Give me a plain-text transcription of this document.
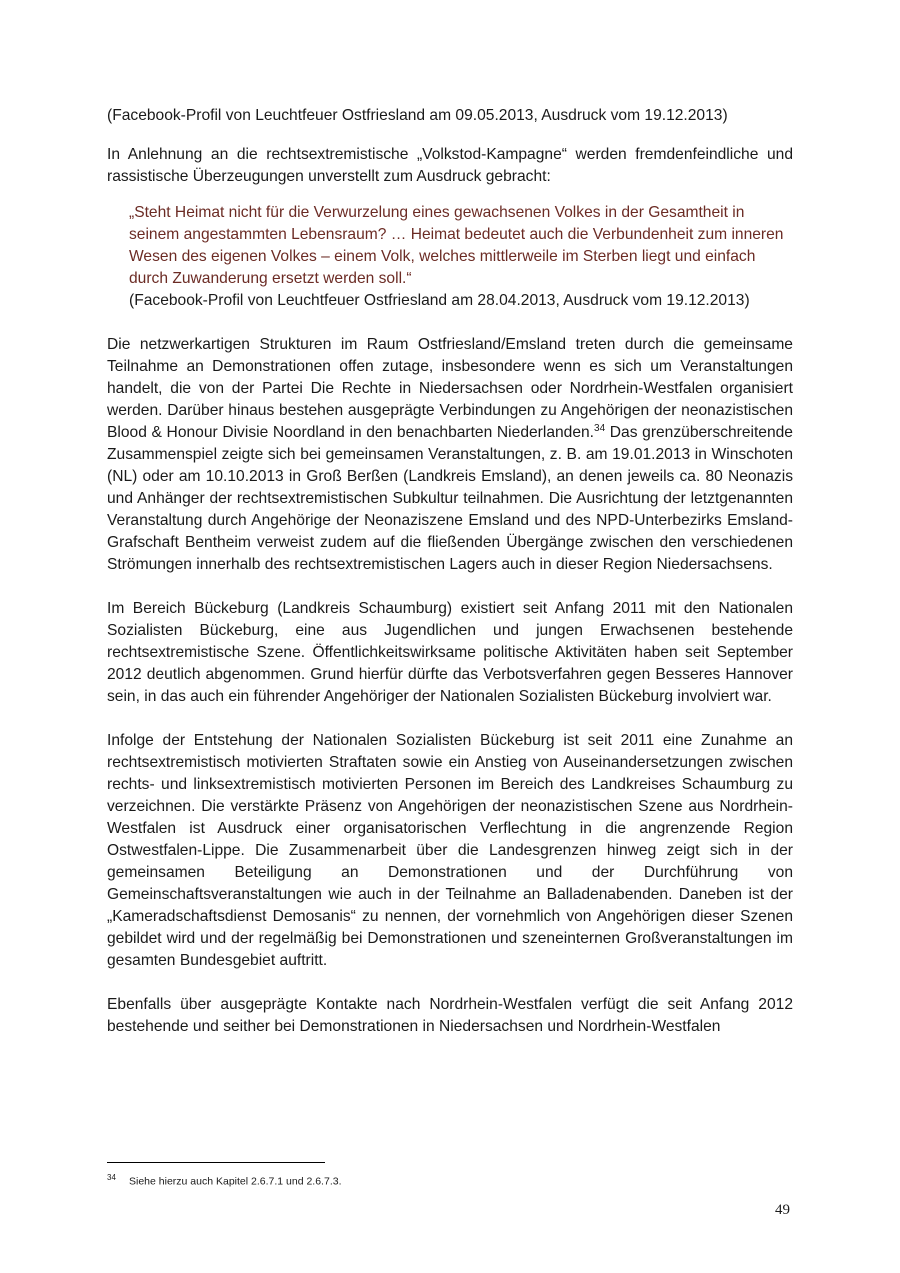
(Facebook-Profil von Leuchtfeuer Ostfriesland am 09.05.2013, Ausdruck vom 19.12.2013)

In Anlehnung an die rechtsextremistische „Volkstod-Kampagne“ werden fremdenfeindliche und rassistische Überzeugungen unverstellt zum Ausdruck gebracht:

„Steht Heimat nicht für die Verwurzelung eines gewachsenen Volkes in der Gesamtheit in seinem angestammten Lebensraum? … Heimat bedeutet auch die Verbundenheit zum inneren Wesen des eigenen Volkes – einem Volk, welches mittlerweile im Sterben liegt und einfach durch Zuwanderung ersetzt werden soll.“

(Facebook-Profil von Leuchtfeuer Ostfriesland am 28.04.2013, Ausdruck vom 19.12.2013)

Die netzwerkartigen Strukturen im Raum Ostfriesland/Emsland treten durch die gemeinsame Teilnahme an Demonstrationen offen zutage, insbesondere wenn es sich um Veranstaltungen handelt, die von der Partei Die Rechte in Niedersachsen oder Nordrhein-Westfalen organisiert werden. Darüber hinaus bestehen ausgeprägte Verbindungen zu Angehörigen der neonazistischen Blood & Honour Divisie Noordland in den benachbarten Niederlanden.$^{34}$ Das grenzüberschreitende Zusammenspiel zeigte sich bei gemeinsamen Veranstaltungen, z. B. am 19.01.2013 in Winschoten (NL) oder am 10.10.2013 in Groß Berßen (Landkreis Emsland), an denen jeweils ca. 80 Neonazis und Anhänger der rechtsextremistischen Subkultur teilnahmen. Die Ausrichtung der letztgenannten Veranstaltung durch Angehörige der Neonaziszene Emsland und des NPD-Unterbezirks Emsland-Grafschaft Bentheim verweist zudem auf die fließenden Übergänge zwischen den verschiedenen Strömungen innerhalb des rechtsextremistischen Lagers auch in dieser Region Niedersachsens.

Im Bereich Bückeburg (Landkreis Schaumburg) existiert seit Anfang 2011 mit den Nationalen Sozialisten Bückeburg, eine aus Jugendlichen und jungen Erwachsenen bestehende rechtsextremistische Szene. Öffentlichkeitswirksame politische Aktivitäten haben seit September 2012 deutlich abgenommen. Grund hierfür dürfte das Verbotsverfahren gegen Besseres Hannover sein, in das auch ein führender Angehöriger der Nationalen Sozialisten Bückeburg involviert war.

Infolge der Entstehung der Nationalen Sozialisten Bückeburg ist seit 2011 eine Zunahme an rechtsextremistisch motivierten Straftaten sowie ein Anstieg von Auseinandersetzungen zwischen rechts- und linksextremistisch motivierten Personen im Bereich des Landkreises Schaumburg zu verzeichnen. Die verstärkte Präsenz von Angehörigen der neonazistischen Szene aus Nordrhein-Westfalen ist Ausdruck einer organisatorischen Verflechtung in die angrenzende Region Ostwestfalen-Lippe. Die Zusammenarbeit über die Landesgrenzen hinweg zeigt sich in der gemeinsamen Beteiligung an Demonstrationen und der Durchführung von Gemeinschaftsveranstaltungen wie auch in der Teilnahme an Balladenabenden. Daneben ist der „Kameradschaftsdienst Demosanis“ zu nennen, der vornehmlich von Angehörigen dieser Szenen gebildet wird und der regelmäßig bei Demonstrationen und szeneinternen Großveranstaltungen im gesamten Bundesgebiet auftritt.

Ebenfalls über ausgeprägte Kontakte nach Nordrhein-Westfalen verfügt die seit Anfang 2012 bestehende und seither bei Demonstrationen in Niedersachsen und Nordrhein-Westfalen

34 Siehe hierzu auch Kapitel 2.6.7.1 und 2.6.7.3.
49
